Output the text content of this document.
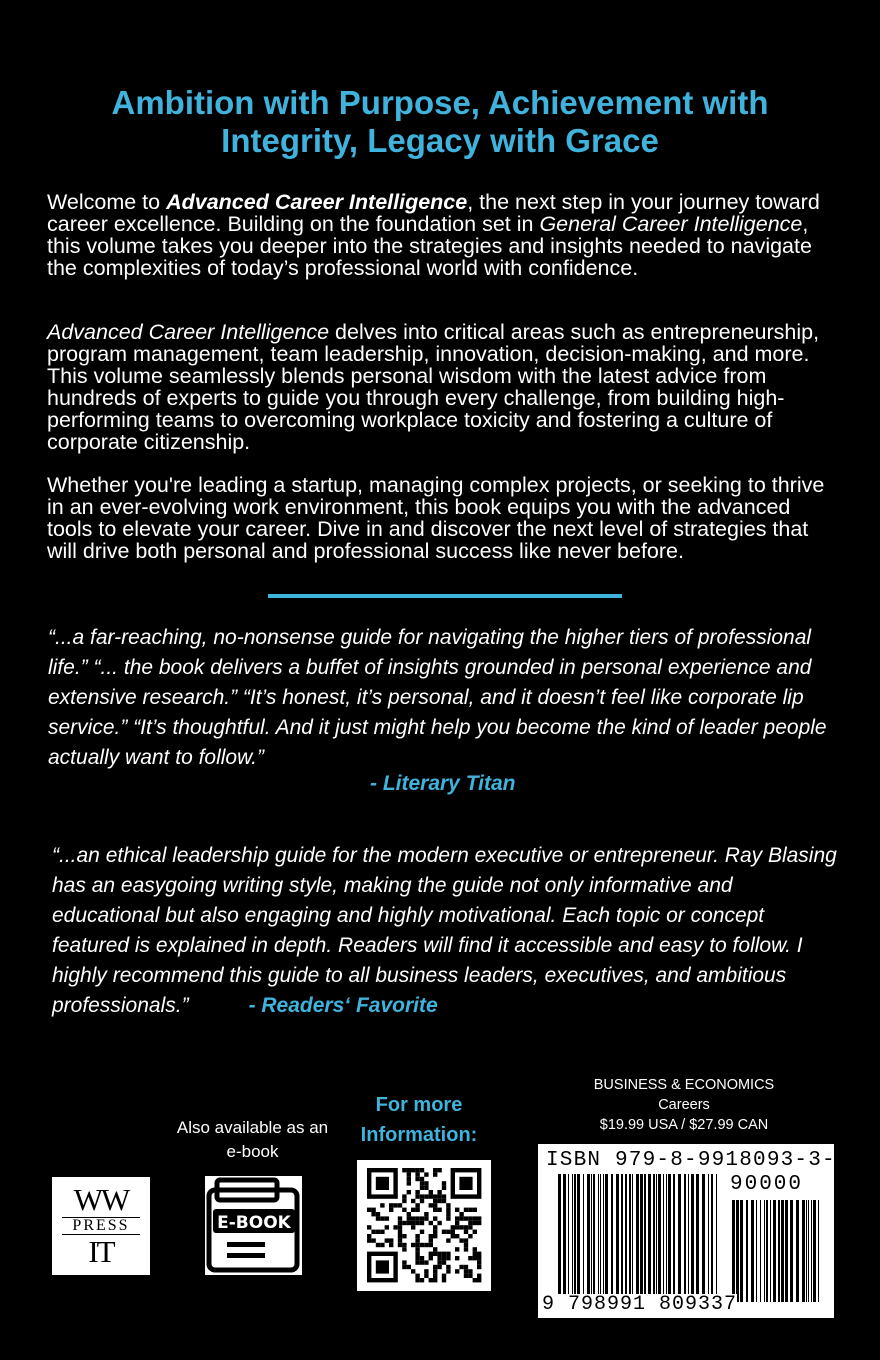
Ambition with Purpose, Achievement with Integrity, Legacy with Grace
Welcome to Advanced Career Intelligence, the next step in your journey toward career excellence. Building on the foundation set in General Career Intelligence, this volume takes you deeper into the strategies and insights needed to navigate the complexities of today’s professional world with confidence.
Advanced Career Intelligence delves into critical areas such as entrepreneurship, program management, team leadership, innovation, decision-making, and more. This volume seamlessly blends personal wisdom with the latest advice from hundreds of experts to guide you through every challenge, from building high-performing teams to overcoming workplace toxicity and fostering a culture of corporate citizenship.
Whether you're leading a startup, managing complex projects, or seeking to thrive in an ever-evolving work environment, this book equips you with the advanced tools to elevate your career. Dive in and discover the next level of strategies that will drive both personal and professional success like never before.
“...a far-reaching, no-nonsense guide for navigating the higher tiers of professional life.” “... the book delivers a buffet of insights grounded in personal experience and extensive research.” “It’s honest, it’s personal, and it doesn’t feel like corporate lip service.” “It’s thoughtful. And it just might help you become the kind of leader people actually want to follow.”
- Literary Titan
“...an ethical leadership guide for the modern executive or entrepreneur. Ray Blasing has an easygoing writing style, making the guide not only informative and educational but also engaging and highly motivational. Each topic or concept featured is explained in depth. Readers will find it accessible and easy to follow. I highly recommend this guide to all business leaders, executives, and ambitious professionals.”	- Readers‘ Favorite
Also available as an e-book
For more Information:
BUSINESS & ECONOMICS
Careers
$19.99 USA / $27.99 CAN
WW
PRESS
IT
E-BOOK
ISBN 979-8-9918093-3-7
90000
9 798991 809337
